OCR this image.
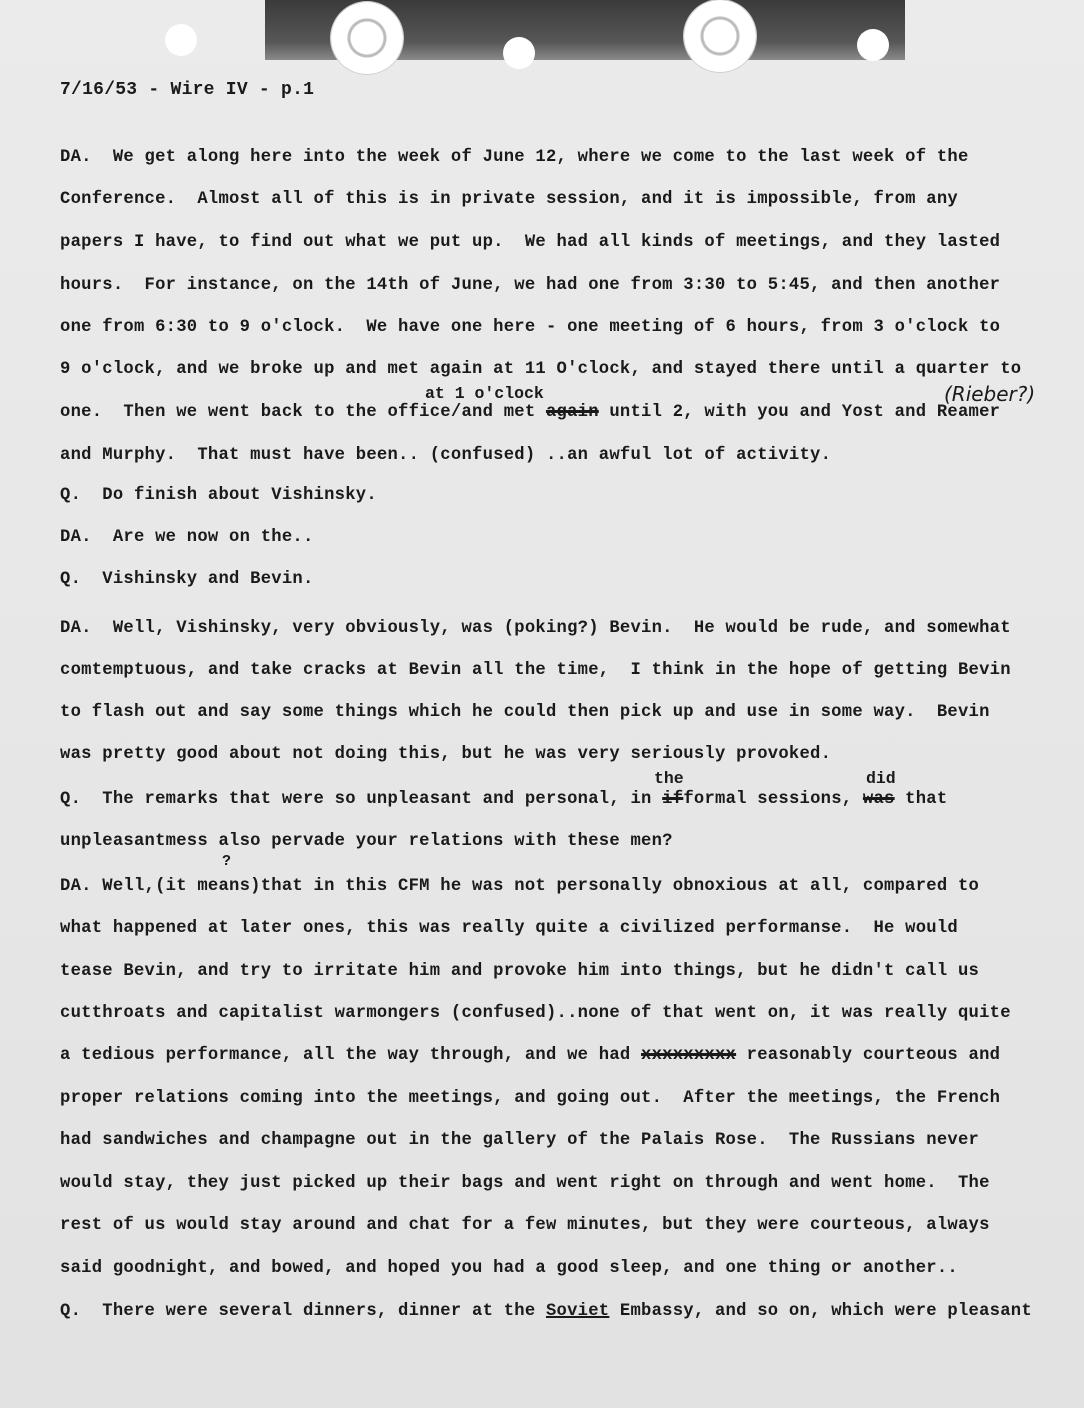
7/16/53 - Wire IV - p.1
DA.  We get along here into the week of June 12, where we come to the last week of the
Conference.  Almost all of this is in private session, and it is impossible, from any
papers I have, to find out what we put up.  We had all kinds of meetings, and they lasted
hours.  For instance, on the 14th of June, we had one from 3:30 to 5:45, and then another
one from 6:30 to 9 o'clock.  We have one here - one meeting of 6 hours, from 3 o'clock to
9 o'clock, and we broke up and met again at 11 O'clock, and stayed there until a quarter to
at 1 o'clock	(Rieber?)
one.  Then we went back to the office/and met again until 2, with you and Yost and Reamer
and Murphy.  That must have been.. (confused) ..an awful lot of activity.
Q.  Do finish about Vishinsky.
DA.  Are we now on the..
Q.  Vishinsky and Bevin.
DA.  Well, Vishinsky, very obviously, was (poking?) Bevin.  He would be rude, and somewhat
comtemptuous, and take cracks at Bevin all the time,  I think in the hope of getting Bevin
to flash out and say some things which he could then pick up and use in some way.  Bevin
was pretty good about not doing this, but he was very seriously provoked.
the	did
Q.  The remarks that were so unpleasant and personal, in ifformal sessions, was that
unpleasantmess also pervade your relations with these men?
?
DA. Well,(it means)that in this CFM he was not personally obnoxious at all, compared to
what happened at later ones, this was really quite a civilized performanse.  He would
tease Bevin, and try to irritate him and provoke him into things, but he didn't call us
cutthroats and capitalist warmongers (confused)..none of that went on, it was really quite
a tedious performance, all the way through, and we had xxxxxxxxx reasonably courteous and
proper relations coming into the meetings, and going out.  After the meetings, the French
had sandwiches and champagne out in the gallery of the Palais Rose.  The Russians never
would stay, they just picked up their bags and went right on through and went home.  The
rest of us would stay around and chat for a few minutes, but they were courteous, always
said goodnight, and bowed, and hoped you had a good sleep, and one thing or another..
Q.  There were several dinners, dinner at the Soviet Embassy, and so on, which were pleasant
